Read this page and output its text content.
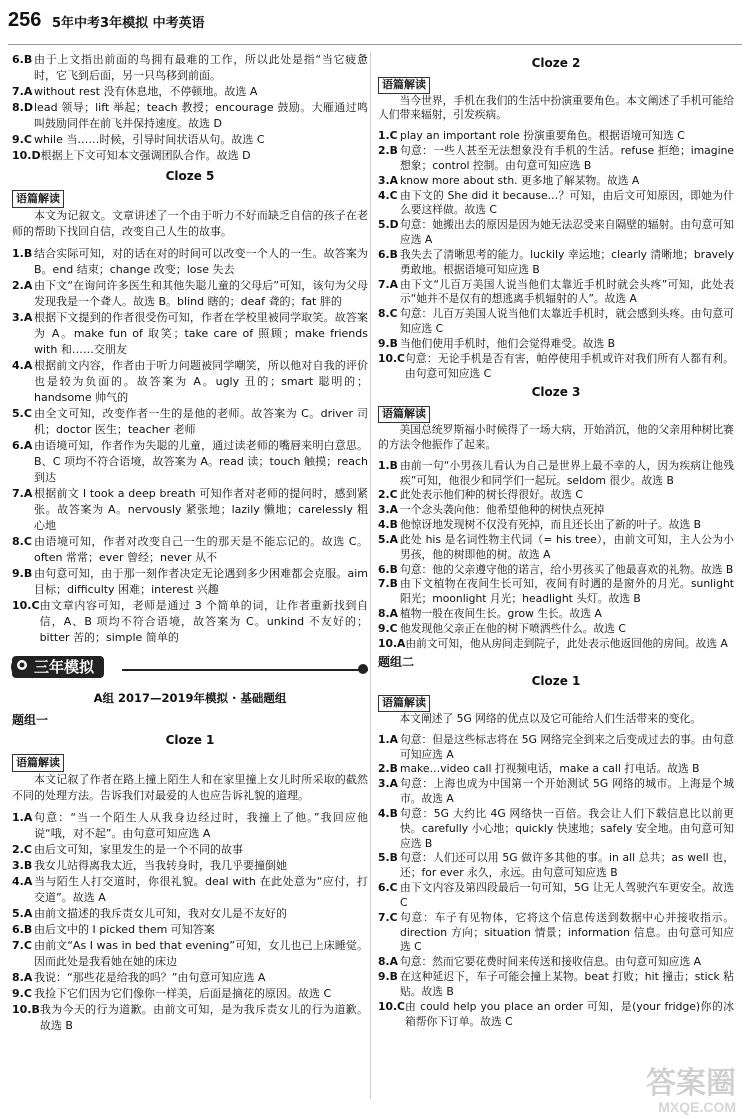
256 5年中考3年模拟 中考英语
6.B 由于上文指出前面的鸟拥有最难的工作，所以此处是指“当它疲惫时，它飞到后面，另一只鸟移到前面。
7.A without rest 没有休息地，不停顿地。故选 A
8.D lead 领导；lift 举起；teach 教授；encourage 鼓励。大雁通过鸣叫鼓励同伴在前飞并保持速度。故选 D
9.C while 当……时候，引导时间状语从句。故选 C
10.D 根据上下文可知本文强调团队合作。故选 D
Cloze 5
语篇解读
本文为记叙文。文章讲述了一个由于听力不好而缺乏自信的孩子在老师的帮助下找回自信，改变自己人生的故事。
1.B 结合实际可知，对的话在对的时间可以改变一个人的一生。故答案为 B。end 结束；change 改变；lose 失去
2.A 由下文“在询问许多医生和其他失聪儿童的父母后”可知，该句为父母发现我是一个聋人。故选 B。blind 瞎的；deaf 聋的；fat 胖的
3.A 根据下文提到的作者很受伤可知，作者在学校里被同学取笑。故答案为 A。make fun of 取笑；take care of 照顾；make friends with 和……交朋友
4.A 根据前文内容，作者由于听力问题被同学嘲笑，所以他对自我的评价也是较为负面的。故答案为 A。ugly 丑的；smart 聪明的；handsome 帅气的
5.C 由全文可知，改变作者一生的是他的老师。故答案为 C。driver 司机；doctor 医生；teacher 老师
6.A 由语境可知，作者作为失聪的儿童，通过读老师的嘴唇来明白意思。B、C 项均不符合语境，故答案为 A。read 读；touch 触摸；reach 到达
7.A 根据前文 I took a deep breath 可知作者对老师的提问时，感到紧张。故答案为 A。nervously 紧张地；lazily 懒地；carelessly 粗心地
8.C 由语境可知，作者对改变自己一生的那天是不能忘记的。故选 C。often 常常；ever 曾经；never 从不
9.B 由句意可知，由于那一刻作者决定无论遇到多少困难都会克服。aim 目标；difficulty 困难；interest 兴趣
10.C 由文章内容可知，老师是通过 3 个简单的词，让作者重新找到自信，A、B 项均不符合语境，故答案为 C。unkind 不友好的；bitter 苦的；simple 简单的
三年模拟
A组 2017—2019年模拟 · 基础题组
题组一
Cloze 1
语篇解读
本文记叙了作者在路上撞上陌生人和在家里撞上女儿时所采取的截然不同的处理方法。告诉我们对最爱的人也应告诉礼貌的道理。
1.A 句意：“当一个陌生人从我身边经过时，我撞上了他。”我回应他说“哦，对不起”。由句意可知应选 A
2.C 由后文可知，家里发生的是一个不同的故事
3.B 我女儿站得离我太近，当我转身时，我几乎要撞倒她
4.A 当与陌生人打交道时，你很礼貌。deal with 在此处意为“应付，打交道”。故选 A
5.A 由前文描述的我斥责女儿可知，我对女儿是不友好的
6.B 由后文中的 I picked them 可知答案
7.C 由前文“As I was in bed that evening”可知，女儿也已上床睡觉。因而此处是我看她在她的床边
8.A 我说：“那些花是给我的吗？”由句意可知应选 A
9.C 我捡下它们因为它们像你一样美，后面是摘花的原因。故选 C
10.B 我为今天的行为道歉。由前文可知，是为我斥责女儿的行为道歉。故选 B
Cloze 2
语篇解读
当今世界，手机在我们的生活中扮演重要角色。本文阐述了手机可能给人们带来辐射，引发疾病。
1.C play an important role 扮演重要角色。根据语境可知选 C
2.B 句意：一些人甚至无法想象没有手机的生活。refuse 拒绝；imagine 想象；control 控制。由句意可知应选 B
3.A know more about sth. 更多地了解某物。故选 A
4.C 由下文的 She did it because…？可知，由后文可知原因，即她为什么要这样做。故选 C
5.D 句意：她搬出去的原因是因为她无法忍受来自隔壁的辐射。由句意可知应选 A
6.B 我失去了清晰思考的能力。luckily 幸运地；clearly 清晰地；bravely 勇敢地。根据语境可知应选 B
7.A 由下文“儿百万美国人说当他们太靠近手机时就会头疼”可知，此处表示“她并不是仅有的想逃离手机辐射的人”。故选 A
8.C 句意：儿百万美国人说当他们太靠近手机时，就会感到头疼。由句意可知应选 C
9.B 当他们使用手机时，他们会觉得难受。故选 B
10.C 句意：无论手机是否有害，帕停使用手机或许对我们所有人都有利。由句意可知应选 C
Cloze 3
语篇解读
美国总统罗斯福小时候得了一场大病，开始消沉，他的父亲用种树比赛的方法令他振作了起来。
1.B 由前一句“小男孩儿看认为自己是世界上最不幸的人，因为疾病让他残疾”可知，他很少和同学们一起玩。seldom 很少。故选 B
2.C 此处表示他们种的树长得很好。故选 C
3.A 一个念头袭向他：他希望他种的树快点死掉
4.B 他惊讶地发现树不仅没有死掉，而且还长出了新的叶子。故选 B
5.A 此处 his 是名词性物主代词（= his tree），由前文可知，主人公为小男孩，他的树即他的树。故选 A
6.B 句意：他的父亲遵守他的诺言，给小男孩买了他最喜欢的礼物。故选 B
7.B 由下文植物在夜间生长可知，夜间有时遇的是窗外的月光。sunlight 阳光；moonlight 月光；headlight 头灯。故选 B
8.A 植物一般在夜间生长。grow 生长。故选 A
9.C 他发现他父亲正在他的树下喷洒些什么。故选 C
10.A 由前文可知，他从房间走到院子，此处表示他返回他的房间。故选 A
题组二
Cloze 1
语篇解读
本文阐述了 5G 网络的优点以及它可能给人们生活带来的变化。
1.A 句意：但是这些标志将在 5G 网络完全到来之后变成过去的事。由句意可知应选 A
2.B make…video call 打视频电话，make a call 打电话。故选 B
3.A 句意：上海也成为中国第一个开始测试 5G 网络的城市。上海是个城市。故选 A
4.B 句意：5G 大约比 4G 网络快一百倍。我会让人们下载信息比以前更快。carefully 小心地；quickly 快速地；safely 安全地。由句意可知应选 B
5.B 句意：人们还可以用 5G 做许多其他的事。in all 总共；as well 也，还；for ever 永久，永远。由句意可知应选 B
6.C 由下文内容及第四段最后一句可知，5G 让无人驾驶汽车更安全。故选 C
7.C 句意：车子有见物体，它将这个信息传送到数据中心并接收指示。direction 方向；situation 情景；information 信息。由句意可知应选 C
8.A 句意：然而它要花费时间来传送和接收信息。由句意可知应选 A
9.B 在这种延迟下，车子可能会撞上某物。beat 打败；hit 撞击；stick 粘贴。故选 B
10.C 由 could help you place an order 可知，是(your fridge)你的冰箱帮你下订单。故选 C
答案圈
MXQE.COM
